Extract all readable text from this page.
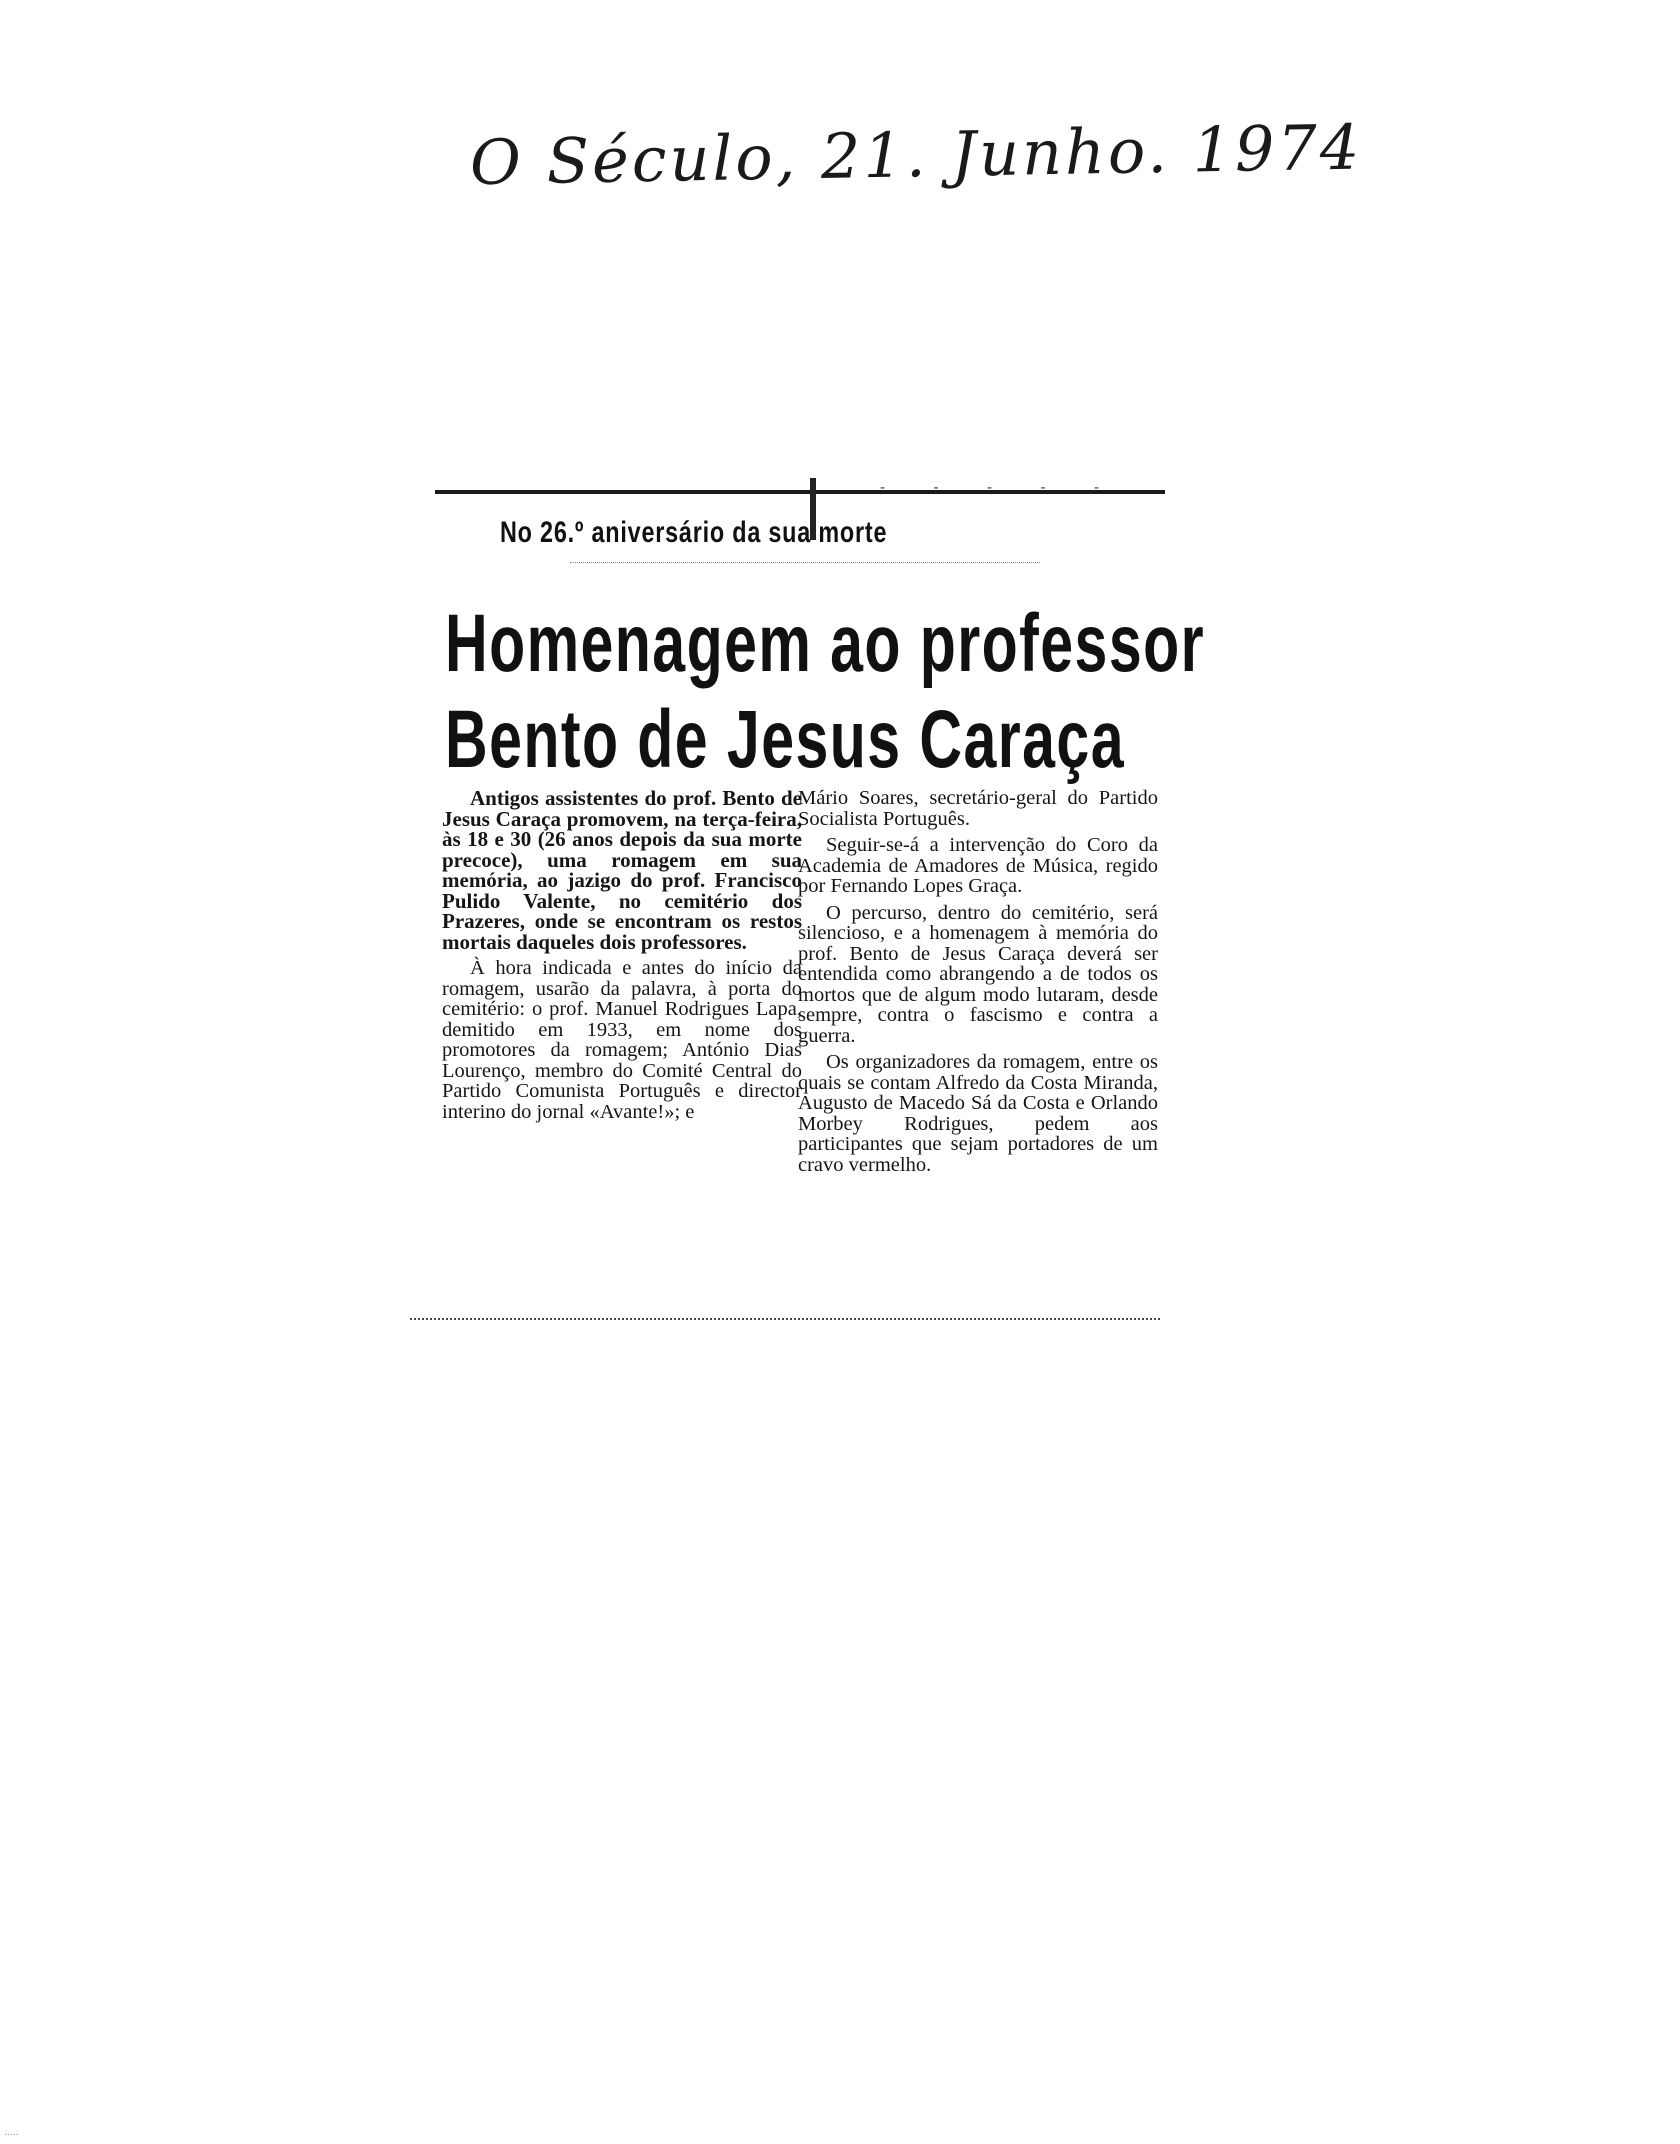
O Século, 21. Junho. 1974
- - - - -
No 26.º aniversário da sua morte
Homenagem ao professor
Bento de Jesus Caraça

Antigos assistentes do prof. Bento de Jesus Caraça promovem, na terça-feira, às 18 e 30 (26 anos depois da sua morte precoce), uma romagem em sua memória, ao jazigo do prof. Francisco Pulido Valente, no cemitério dos Prazeres, onde se encontram os restos mortais daqueles dois professores.

À hora indicada e antes do início da romagem, usarão da palavra, à porta do cemitério: o prof. Manuel Rodrigues Lapa, demitido em 1933, em nome dos promotores da romagem; António Dias Lourenço, membro do Comité Central do Partido Comunista Português e director interino do jornal «Avante!»; e

Mário Soares, secretário-geral do Partido Socialista Português.

Seguir-se-á a intervenção do Coro da Academia de Amadores de Música, regido por Fernando Lopes Graça.

O percurso, dentro do cemitério, será silencioso, e a homenagem à memória do prof. Bento de Jesus Caraça deverá ser entendida como abrangendo a de todos os mortos que de algum modo lutaram, desde sempre, contra o fascismo e contra a guerra.

Os organizadores da romagem, entre os quais se contam Alfredo da Costa Miranda, Augusto de Macedo Sá da Costa e Orlando Morbey Rodrigues, pedem aos participantes que sejam portadores de um cravo vermelho.

.....
